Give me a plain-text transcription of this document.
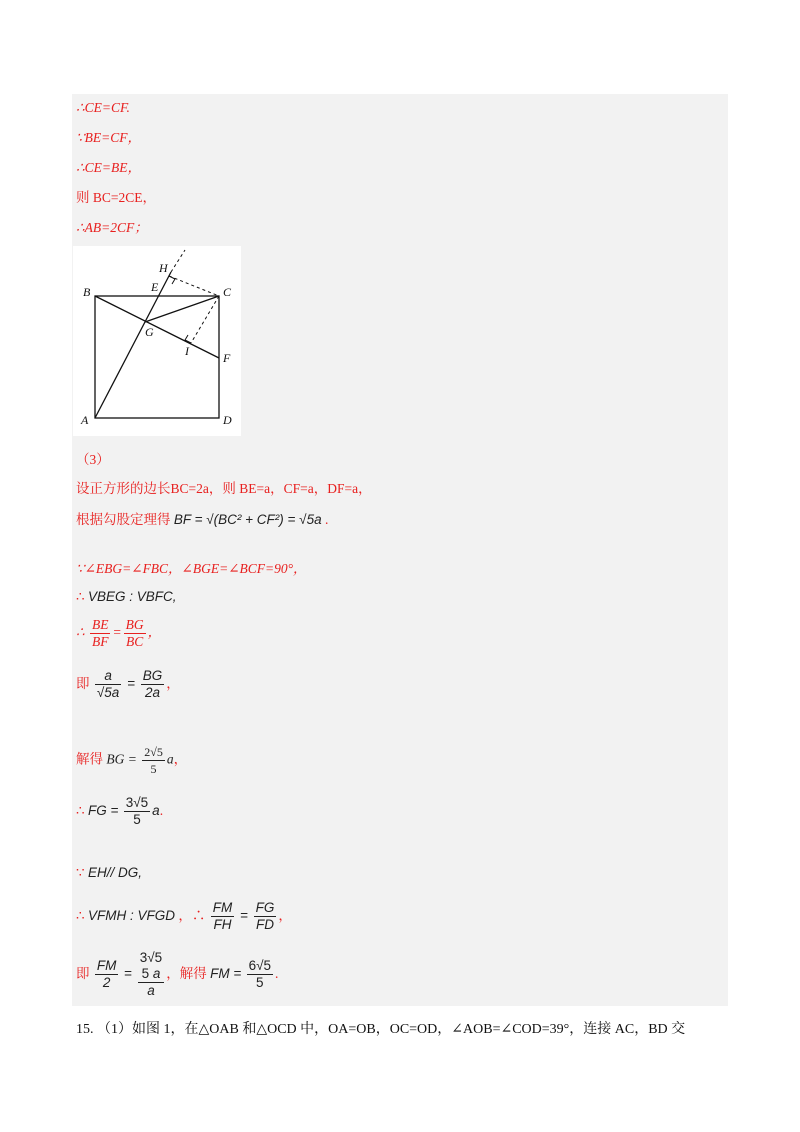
∴CE=CF.
∵BE=CF，
∴CE=BE，
则 BC=2CE，
∴AB=2CF；
B	E
H
C
G
I	F
A	D
（3）
设正方形的边长BC=2a，则 BE=a，CF=a，DF=a，
根据勾股定理得 BF = √(BC² + CF²) = √5a .
∵∠EBG=∠FBC，∠BGE=∠BCF=90°，
∴ VBEG : VBFC,
∴ $\frac{BE}{BF} = \frac{BG}{BC}$ ，
即 $\frac{a}{√5a} = \frac{BG}{2a}$ ，
解得 BG = $\frac{2√5}{5}$ a，
∴ FG = $\frac{3√5}{5} a$.
∵ EH// DG,
∴ VFMH : VFGD ，∴ $\frac{FM}{FH} = \frac{FG}{FD}$ ，
即 $\frac{FM}{2}$ =
3√5
5 a
a
，解得 FM = $\frac{6√5}{5}$ .
15. （1）如图 1，在△OAB 和△OCD 中，OA=OB，OC=OD，∠AOB=∠COD=39°，连接 AC，BD 交
